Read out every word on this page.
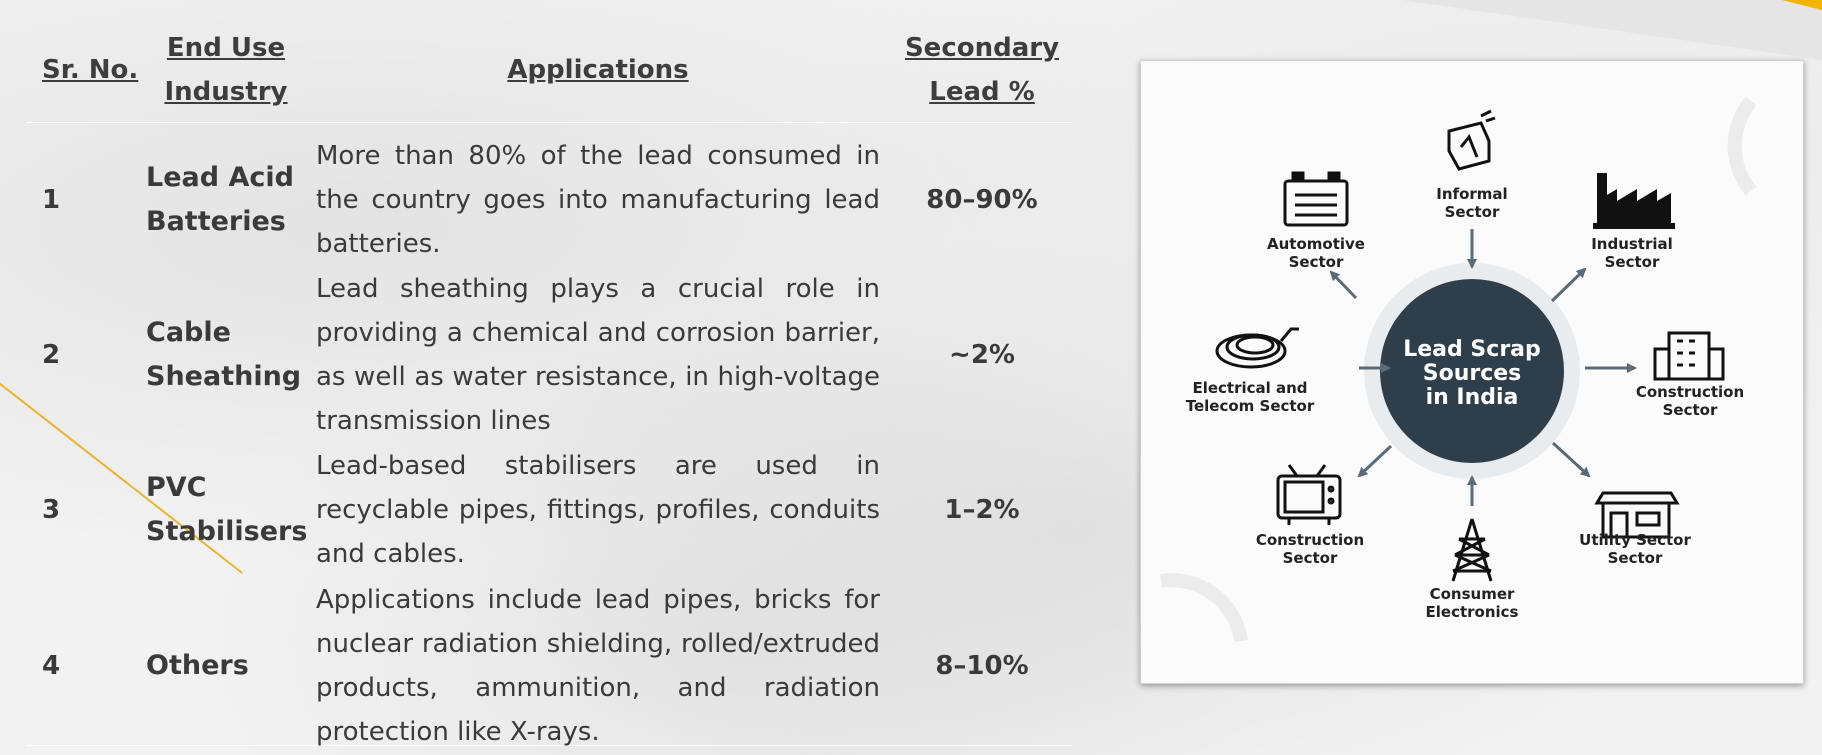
Sr. No.
End Use
Industry
Applications
Secondary
Lead %
1
Lead Acid
Batteries
More than 80% of the lead consumed in the country goes into manufacturing lead batteries.
80–90%
2
Cable
Sheathing
Lead sheathing plays a crucial role in providing a chemical and corrosion barrier, as well as water resistance, in high-voltage transmission lines
~2%
3
PVC
Stabilisers
Lead-based stabilisers are used in recyclable pipes, fittings, profiles, conduits and cables.
1–2%
4	Others
Applications include lead pipes, bricks for nuclear radiation shielding, rolled/extruded products, ammunition, and radiation protection like X-rays.
8–10%
Lead Scrap
Sources
in India
Informal
Sector
Automotive
Sector
Industrial
Sector
Electrical and
Telecom Sector
Construction
Sector
Construction
Sector
Consumer
Electronics
Utility Sector
Sector
